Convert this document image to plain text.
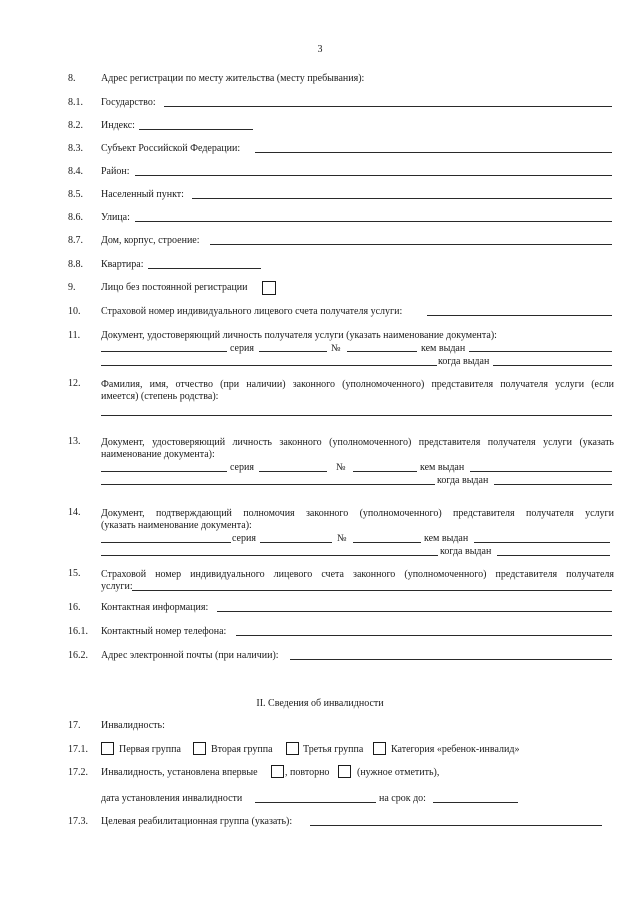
3
8.	Адрес регистрации по месту жительства (месту пребывания):
8.1. Государство:
8.2. Индекс:
8.3. Субъект Российской Федерации:
8.4. Район:
8.5. Населенный пункт:
8.6. Улица:
8.7. Дом, корпус, строение:
8.8. Квартира:
9.	Лицо без постоянной регистрации
10. Страховой номер индивидуального лицевого счета получателя услуги:
11. Документ, удостоверяющий личность получателя услуги (указать наименование документа):
серия	№	кем выдан
когда выдан
12. Фамилия, имя, отчество (при наличии) законного (уполномоченного) представителя получателя услуги (если
имеется) (степень родства):
13. Документ, удостоверяющий личность законного (уполномоченного) представителя получателя услуги (указать
наименование документа):
серия	№	кем выдан
когда выдан
14. Документ, подтверждающий полномочия законного (уполномоченного) представителя получателя услуги
(указать наименование документа):
серия	№	кем выдан
когда выдан
15. Страховой номер индивидуального лицевого счета законного (уполномоченного) представителя получателя
услуги:
16. Контактная информация:
16.1. Контактный номер телефона:
16.2. Адрес электронной почты (при наличии):
II. Сведения об инвалидности
17. Инвалидность:
17.1.	Первая группа	Вторая группа	Третья группа	Категория «ребенок-инвалид»
17.2. Инвалидность, установлена впервые	, повторно	(нужное отметить),
дата установления инвалидности	на срок до:
17.3. Целевая реабилитационная группа (указать):
